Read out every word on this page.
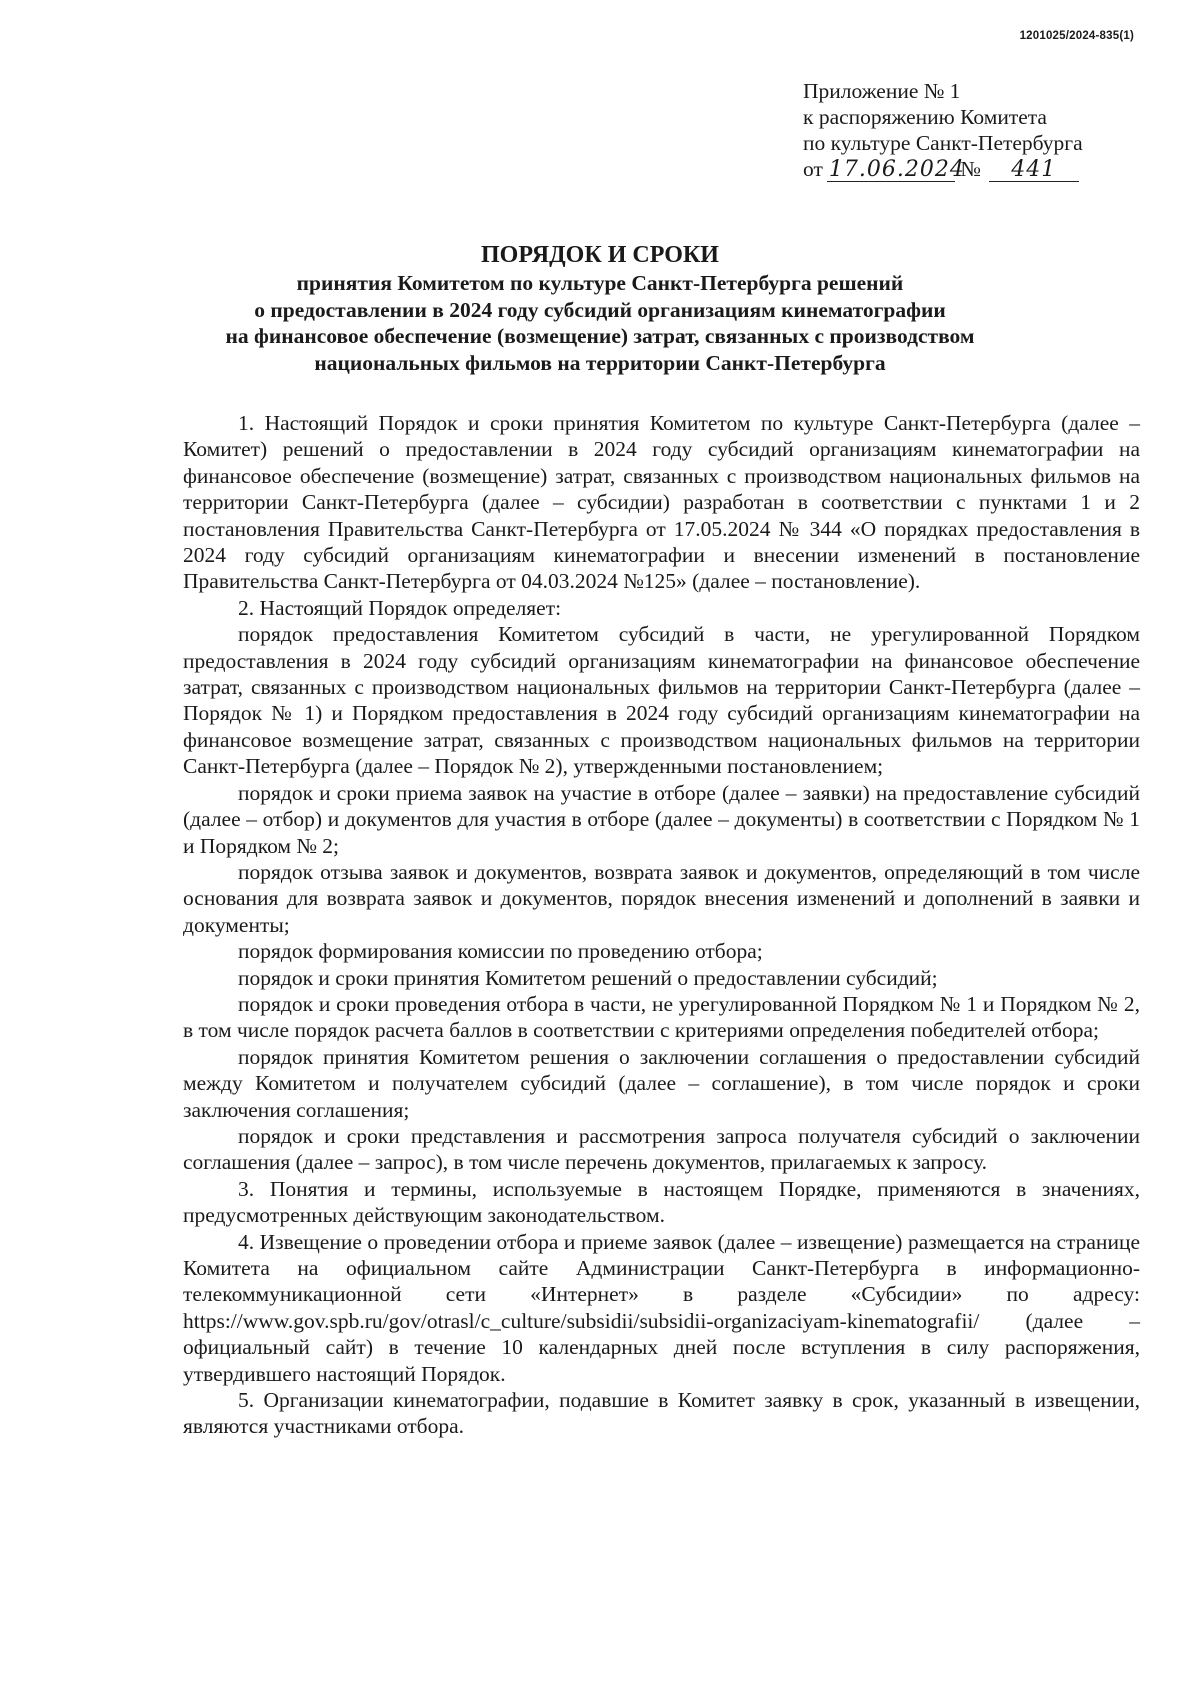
1201025/2024-835(1)
Приложение № 1
к распоряжению Комитета
по культуре Санкт-Петербурга
от 17.06.2024 № 441
ПОРЯДОК И СРОКИ
принятия Комитетом по культуре Санкт-Петербурга решений
о предоставлении в 2024 году субсидий организациям кинематографии
на финансовое обеспечение (возмещение) затрат, связанных с производством
национальных фильмов на территории Санкт-Петербурга

1. Настоящий Порядок и сроки принятия Комитетом по культуре Санкт-Петербурга (далее – Комитет) решений о предоставлении в 2024 году субсидий организациям кинематографии на финансовое обеспечение (возмещение) затрат, связанных с производством национальных фильмов на территории Санкт-Петербурга (далее – субсидии) разработан в соответствии с пунктами 1 и 2 постановления Правительства Санкт-Петербурга от 17.05.2024 № 344 «О порядках предоставления в 2024 году субсидий организациям кинематографии и внесении изменений в постановление Правительства Санкт-Петербурга от 04.03.2024 №125» (далее – постановление).

2. Настоящий Порядок определяет:

порядок предоставления Комитетом субсидий в части, не урегулированной Порядком предоставления в 2024 году субсидий организациям кинематографии на финансовое обеспечение затрат, связанных с производством национальных фильмов на территории Санкт-Петербурга (далее – Порядок № 1) и Порядком предоставления в 2024 году субсидий организациям кинематографии на финансовое возмещение затрат, связанных с производством национальных фильмов на территории Санкт-Петербурга (далее – Порядок № 2), утвержденными постановлением;

порядок и сроки приема заявок на участие в отборе (далее – заявки) на предоставление субсидий (далее – отбор) и документов для участия в отборе (далее – документы) в соответствии с Порядком № 1 и Порядком № 2;

порядок отзыва заявок и документов, возврата заявок и документов, определяющий в том числе основания для возврата заявок и документов, порядок внесения изменений и дополнений в заявки и документы;

порядок формирования комиссии по проведению отбора;

порядок и сроки принятия Комитетом решений о предоставлении субсидий;

порядок и сроки проведения отбора в части, не урегулированной Порядком № 1 и Порядком № 2, в том числе порядок расчета баллов в соответствии с критериями определения победителей отбора;

порядок принятия Комитетом решения о заключении соглашения о предоставлении субсидий между Комитетом и получателем субсидий (далее – соглашение), в том числе порядок и сроки заключения соглашения;

порядок и сроки представления и рассмотрения запроса получателя субсидий о заключении соглашения (далее – запрос), в том числе перечень документов, прилагаемых к запросу.

3. Понятия и термины, используемые в настоящем Порядке, применяются в значениях, предусмотренных действующим законодательством.

4. Извещение о проведении отбора и приеме заявок (далее – извещение) размещается на странице Комитета на официальном сайте Администрации Санкт-Петербурга в информационно-телекоммуникационной сети «Интернет» в разделе «Субсидии» по адресу: https://www.gov.spb.ru/gov/otrasl/c_culture/subsidii/subsidii-organizaciyam-kinematografii/ (далее – официальный сайт) в течение 10 календарных дней после вступления в силу распоряжения, утвердившего настоящий Порядок.

5. Организации кинематографии, подавшие в Комитет заявку в срок, указанный в извещении, являются участниками отбора.
